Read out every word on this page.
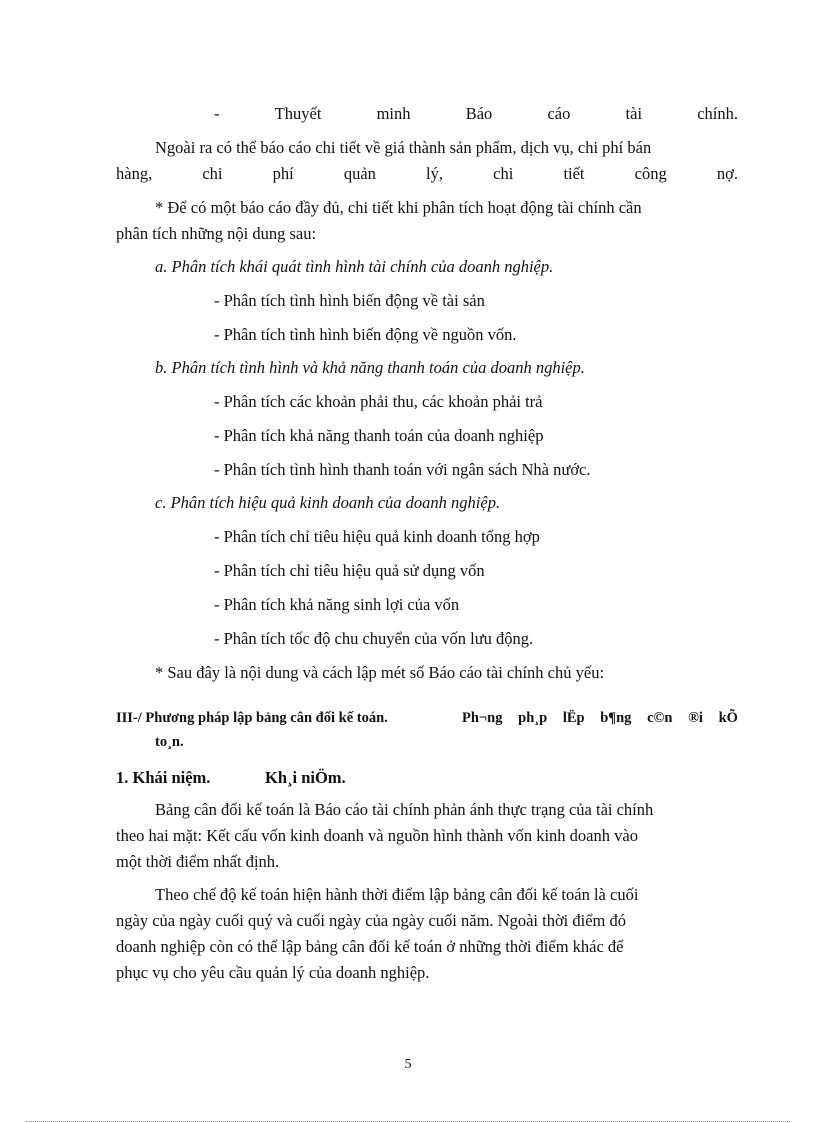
-	Thuyết	minh	Báo	cáo	tài	chính.
Ngoài ra có thể báo cáo chi tiết về giá thành sản phẩm, dịch vụ, chi phí bán
hàng,	chi	phí	quản	lý,	chi	tiết	công	nợ.
* Để có một báo cáo đầy đủ, chi tiết khi phân tích hoạt động tài chính cần
phân tích những nội dung sau:
a. Phân tích khái quát tình hình tài chính của doanh nghiệp.
- Phân tích tình hình biến động về tài sản
- Phân tích tình hình biến động về nguồn vốn.
b. Phân tích tình hình và khả năng thanh toán của doanh nghiệp.
- Phân tích các khoản phải thu, các khoản phải trả
- Phân tích khả năng thanh toán của doanh nghiệp
- Phân tích tình hình thanh toán với ngân sách Nhà nước.
c. Phân tích hiệu quả kinh doanh của doanh nghiệp.
- Phân tích chỉ tiêu hiệu quả kinh doanh tổng hợp
- Phân tích chỉ tiêu hiệu quả sử dụng vốn
- Phân tích khả năng sinh lợi của vốn
- Phân tích tốc độ chu chuyển của vốn lưu động.
* Sau đây là nội dung và cách lập mét số Báo cáo tài chính chủ yếu:
III-/ Phương pháp lập bảng cân đối kế toán.	Ph¬ng ph¸p lËp b¶ng c©n ®i kÕ
to¸n.
1. Khái niệm.	Kh¸i niÖm.
Bảng cân đối kế toán là Báo cáo tài chính phản ánh thực trạng của tài chính
theo hai mặt: Kết cấu vốn kinh doanh và nguồn hình thành vốn kinh doanh vào
một thời điểm nhất định.
Theo chế độ kế toán hiện hành thời điểm lập bảng cân đối kế toán là cuối
ngày của ngày cuối quý và cuối ngày của ngày cuối năm. Ngoài thời điểm đó
doanh nghiệp còn có thể lập bảng cân đối kế toán ở những thời điểm khác để
phục vụ cho yêu cầu quản lý của doanh nghiệp.
5
